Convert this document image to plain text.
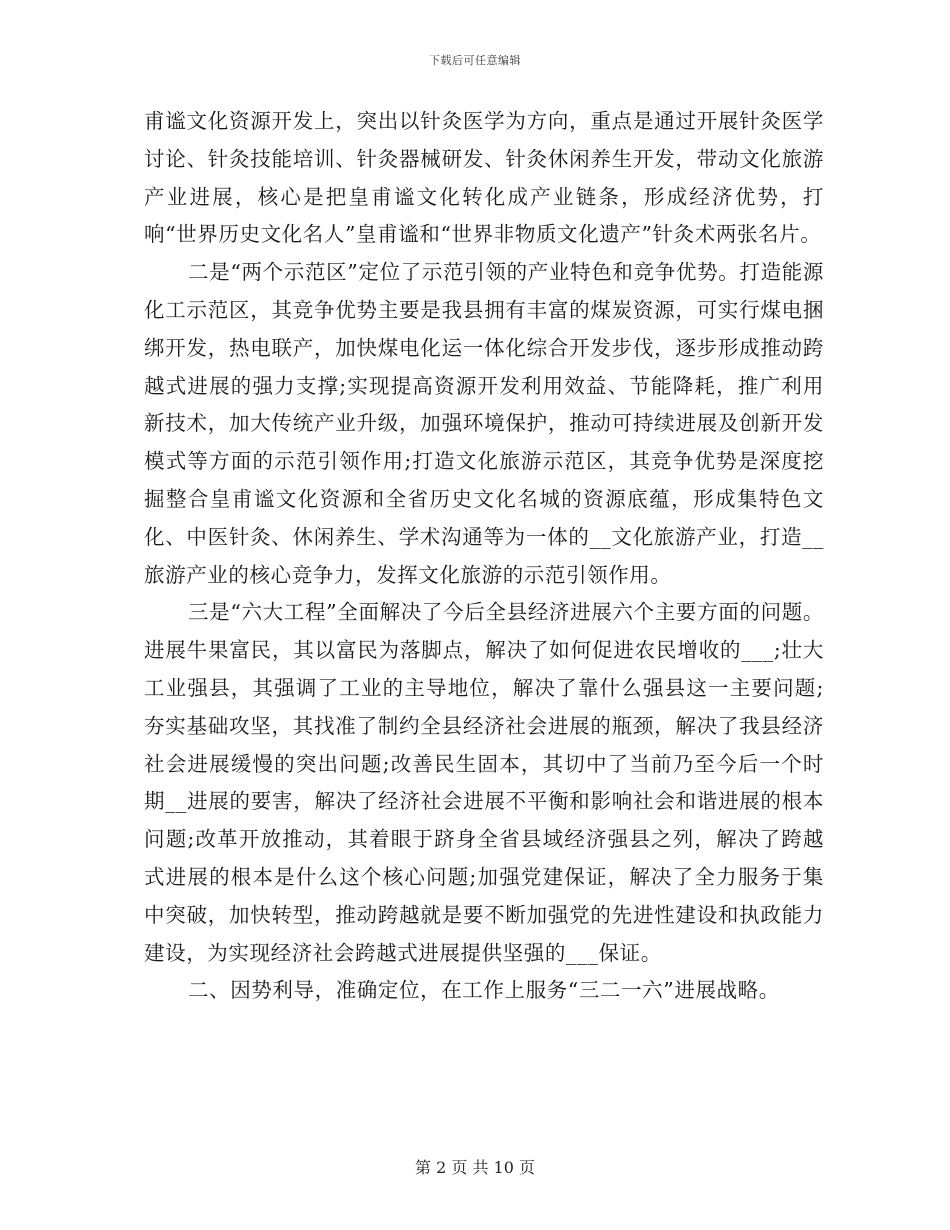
下载后可任意编辑

甫谧文化资源开发上，突出以针灸医学为方向，重点是通过开展针灸医学讨论、针灸技能培训、针灸器械研发、针灸休闲养生开发，带动文化旅游产业进展，核心是把皇甫谧文化转化成产业链条，形成经济优势，打响“世界历史文化名人”皇甫谧和“世界非物质文化遗产”针灸术两张名片。

二是“两个示范区”定位了示范引领的产业特色和竞争优势。打造能源化工示范区，其竞争优势主要是我县拥有丰富的煤炭资源，可实行煤电捆绑开发，热电联产，加快煤电化运一体化综合开发步伐，逐步形成推动跨越式进展的强力支撑;实现提高资源开发利用效益、节能降耗，推广利用新技术，加大传统产业升级，加强环境保护，推动可持续进展及创新开发模式等方面的示范引领作用;打造文化旅游示范区，其竞争优势是深度挖掘整合皇甫谧文化资源和全省历史文化名城的资源底蕴，形成集特色文化、中医针灸、休闲养生、学术沟通等为一体的__文化旅游产业，打造__旅游产业的核心竞争力，发挥文化旅游的示范引领作用。

三是“六大工程”全面解决了今后全县经济进展六个主要方面的问题。进展牛果富民，其以富民为落脚点，解决了如何促进农民增收的___;壮大工业强县，其强调了工业的主导地位，解决了靠什么强县这一主要问题;夯实基础攻坚，其找准了制约全县经济社会进展的瓶颈，解决了我县经济社会进展缓慢的突出问题;改善民生固本，其切中了当前乃至今后一个时期__进展的要害，解决了经济社会进展不平衡和影响社会和谐进展的根本问题;改革开放推动，其着眼于跻身全省县域经济强县之列，解决了跨越式进展的根本是什么这个核心问题;加强党建保证，解决了全力服务于集中突破，加快转型，推动跨越就是要不断加强党的先进性建设和执政能力建设，为实现经济社会跨越式进展提供坚强的___保证。

二、因势利导，准确定位，在工作上服务“三二一六”进展战略。

第 2 页 共 10 页
